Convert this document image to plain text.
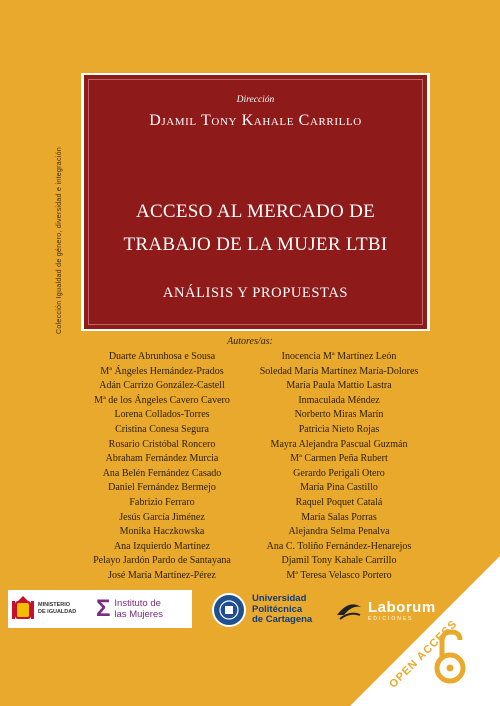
Dirección
Djamil Tony Kahale Carrillo
ACCESO AL MERCADO DE
TRABAJO DE LA MUJER LTBI
ANÁLISIS Y PROPUESTAS
Colección Igualdad de género, diversidad e integración
Autores/as:
Duarte Abrunhosa e Sousa
Mª Ángeles Hernández-Prados
Adán Carrizo González-Castell
Mª de los Ángeles Cavero Cavero
Lorena Collados-Torres
Cristina Conesa Segura
Rosario Cristóbal Roncero
Abraham Fernández Murcia
Ana Belén Fernández Casado
Daniel Fernández Bermejo
Fabrizio Ferraro
Jesús García Jiménez
Monika Haczkowska
Ana Izquierdo Martínez
Pelayo Jardón Pardo de Santayana
José María Martínez-Pérez
Inocencia Mª Martínez León
Soledad María Martínez María-Dolores
María Paula Mattio Lastra
Inmaculada Méndez
Norberto Miras Marín
Patricia Nieto Rojas
Mayra Alejandra Pascual Guzmán
Mª Carmen Peña Rubert
Gerardo Perigali Otero
María Pina Castillo
Raquel Poquet Catalá
María Salas Porras
Alejandra Selma Penalva
Ana C. Toliño Fernández-Henarejos
Djamil Tony Kahale Carrillo
Mª Teresa Velasco Portero
MINISTERIO
DE IGUALDAD Σ Instituto de
las Mujeres
Universidad
Politécnica
de Cartagena
Laborum
EDICIONES
OPEN ACCESS
